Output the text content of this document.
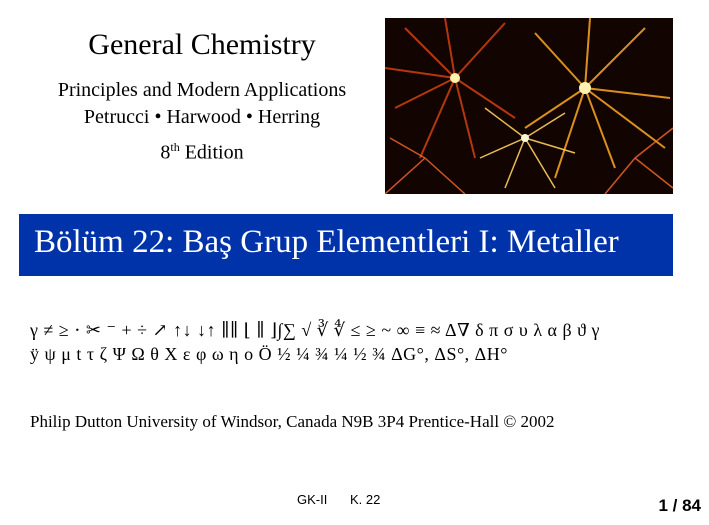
General Chemistry
Principles and Modern Applications
Petrucci • Harwood • Herring
8th Edition
Bölüm 22: Baş Grup Elementleri I: Metaller
γ ≠ ≥ ⋅ ✂ ⁻ + ÷ ↗ ↑↓ ↓↑ ∥∥ ⌊ ∥ ⌋∫∑ √ ∛ ∜ ≤ ≥ ~ ∞ ≡ ≈ Δ∇ δ π σ υ λ α β ϑ γ
ÿ ψ μ t τ ζ Ψ Ω θ Χ ε φ ω η ο Ö ½ ¼ ¾ ¼ ½ ¾ ΔG°, ΔS°, ΔH°
Philip Dutton University of Windsor, Canada N9B 3P4 Prentice-Hall © 2002
GK-II K. 22	1 / 84
